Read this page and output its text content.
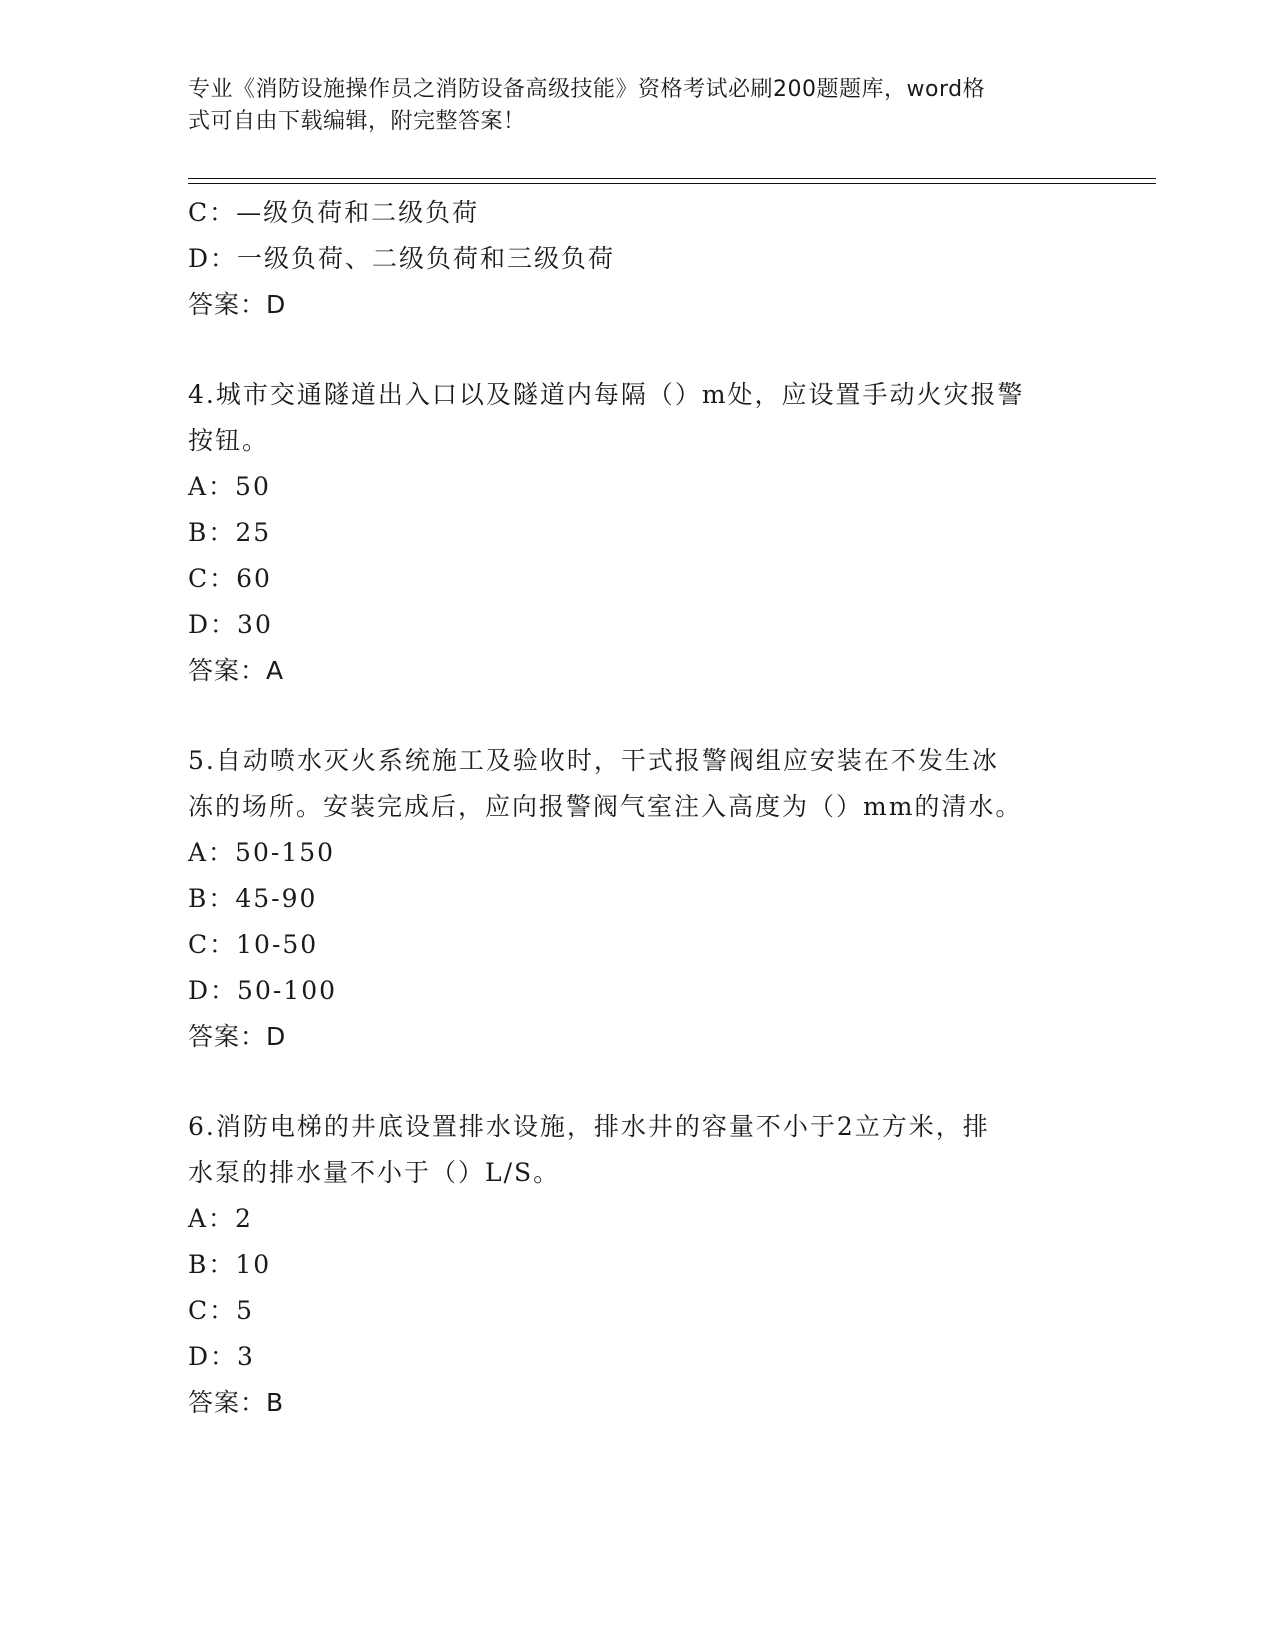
专业《消防设施操作员之消防设备高级技能》资格考试必刷200题题库，word格
式可自由下载编辑，附完整答案！
C：—级负荷和二级负荷
D：一级负荷、二级负荷和三级负荷
答案：D
4.城市交通隧道出入口以及隧道内每隔（）m处，应设置手动火灾报警
按钮。
A：50
B：25
C：60
D：30
答案：A
5.自动喷水灭火系统施工及验收时，干式报警阀组应安装在不发生冰
冻的场所。安装完成后，应向报警阀气室注入高度为（）mm的清水。
A：50-150
B：45-90
C：10-50
D：50-100
答案：D
6.消防电梯的井底设置排水设施，排水井的容量不小于2立方米，排
水泵的排水量不小于（）L/S。
A：2
B：10
C：5
D：3
答案：B
